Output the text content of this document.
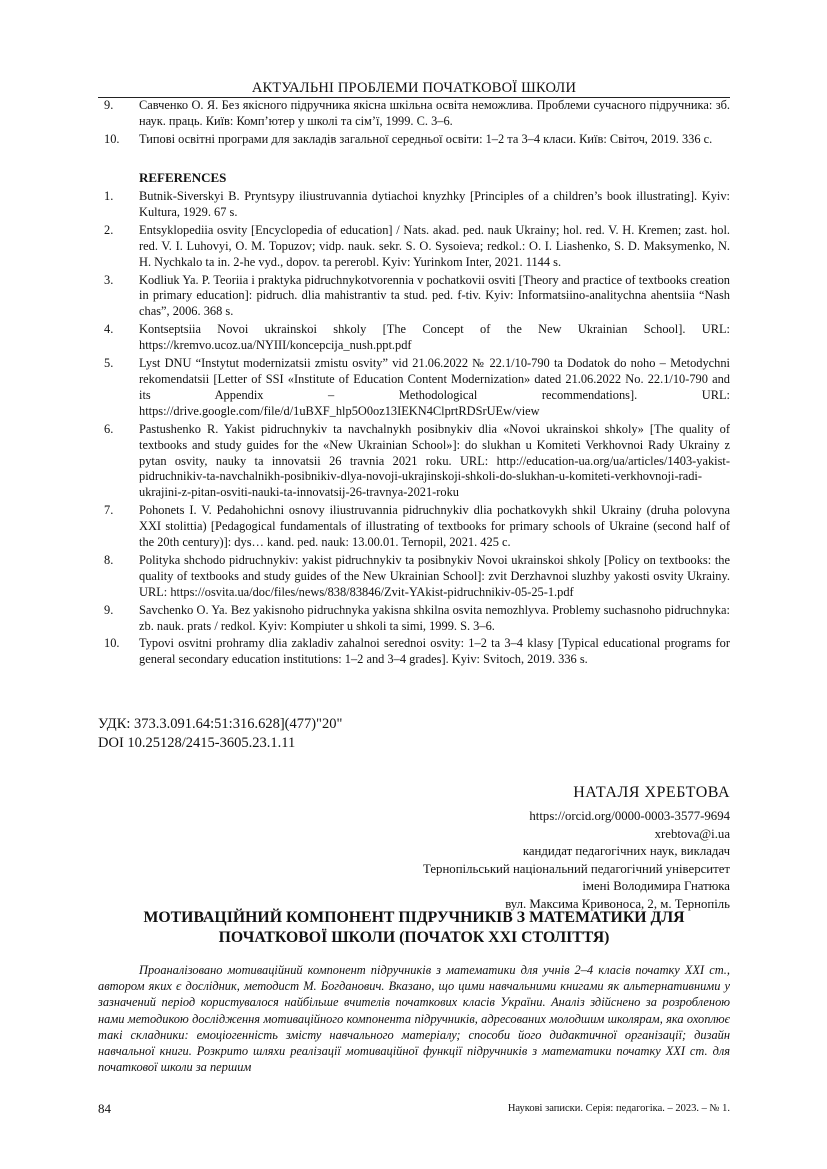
АКТУАЛЬНІ ПРОБЛЕМИ ПОЧАТКОВОЇ ШКОЛИ
9.	Савченко О. Я. Без якісного підручника якісна шкільна освіта неможлива. Проблеми сучасного підручника: зб. наук. праць. Київ: Комп’ютер у школі та сім’ї, 1999. С. 3–6.
10.	Типові освітні програми для закладів загальної середньої освіти: 1–2 та 3–4 класи. Київ: Світоч, 2019. 336 с.
REFERENCES
1.	Butnik-Siverskyi B. Pryntsypy iliustruvannia dytiachoi knyzhky [Principles of a children’s book illustrating]. Kyiv: Kultura, 1929. 67 s.
2.	Entsyklopediia osvity [Encyclopedia of education] / Nats. akad. ped. nauk Ukrainy; hol. red. V. H. Kremen; zast. hol. red. V. I. Luhovyi, O. M. Topuzov; vidp. nauk. sekr. S. O. Sysoieva; redkol.: O. I. Liashenko, S. D. Maksymenko, N. H. Nychkalo ta in. 2-he vyd., dopov. ta pererobl. Kyiv: Yurinkom Inter, 2021. 1144 s.
3.	Kodliuk Ya. P. Teoriia i praktyka pidruchnykotvorennia v pochatkovii osviti [Theory and practice of textbooks creation in primary education]: pidruch. dlia mahistrantiv ta stud. ped. f-tiv. Kyiv: Informatsiino-analitychna ahentsiia “Nash chas”, 2006. 368 s.
4.	Kontseptsiia Novoi ukrainskoi shkoly [The Concept of the New Ukrainian School]. URL: https://kremvo.ucoz.ua/NYIII/koncepcija_nush.ppt.pdf
5.	Lyst DNU “Instytut modernizatsii zmistu osvity” vid 21.06.2022 № 22.1/10-790 ta Dodatok do noho – Metodychni rekomendatsii [Letter of SSI «Institute of Education Content Modernization» dated 21.06.2022 No. 22.1/10-790 and its Appendix – Methodological recommendations]. URL: https://drive.google.com/file/d/1uBXF_hlp5O0oz13IEKN4ClprtRDSrUEw/view
6.	Pastushenko R. Yakist pidruchnykiv ta navchalnykh posibnykiv dlia «Novoi ukrainskoi shkoly» [The quality of textbooks and study guides for the «New Ukrainian School»]: do slukhan u Komiteti Verkhovnoi Rady Ukrainy z pytan osvity, nauky ta innovatsii 26 travnia 2021 roku. URL: http://education-ua.org/ua/articles/1403-yakist-pidruchnikiv-ta-navchalnikh-posibnikiv-dlya-novoji-ukrajinskoji-shkoli-do-slukhan-u-komiteti-verkhovnoji-radi-ukrajini-z-pitan-osviti-nauki-ta-innovatsij-26-travnya-2021-roku
7.	Pohonets I. V. Pedahohichni osnovy iliustruvannia pidruchnykiv dlia pochatkovykh shkil Ukrainy (druha polovyna XXI stolittia) [Pedagogical fundamentals of illustrating of textbooks for primary schools of Ukraine (second half of the 20th century)]: dys… kand. ped. nauk: 13.00.01. Ternopil, 2021. 425 c.
8.	Polityka shchodo pidruchnykiv: yakist pidruchnykiv ta posibnykiv Novoi ukrainskoi shkoly [Policy on textbooks: the quality of textbooks and study guides of the New Ukrainian School]: zvit Derzhavnoi sluzhby yakosti osvity Ukrainy. URL: https://osvita.ua/doc/files/news/838/83846/Zvit-YAkist-pidruchnikiv-05-25-1.pdf
9.	Savchenko O. Ya. Bez yakisnoho pidruchnyka yakisna shkilna osvita nemozhlyva. Problemy suchasnoho pidruchnyka: zb. nauk. prats / redkol. Kyiv: Kompiuter u shkoli ta simi, 1999. S. 3–6.
10.	Typovi osvitni prohramy dlia zakladiv zahalnoi serednoi osvity: 1–2 ta 3–4 klasy [Typical educational programs for general secondary education institutions: 1–2 and 3–4 grades]. Kyiv: Svitoch, 2019. 336 s.
УДК: 373.3.091.64:51:316.628](477)"20"
DOI 10.25128/2415-3605.23.1.11
НАТАЛЯ ХРЕБТОВА
https://orcid.org/0000-0003-3577-9694
xrebtova@i.ua
кандидат педагогічних наук, викладач
Тернопільський національний педагогічний університет
імені Володимира Гнатюка
вул. Максима Кривоноса, 2, м. Тернопіль
МОТИВАЦІЙНИЙ КОМПОНЕНТ ПІДРУЧНИКІВ З МАТЕМАТИКИ ДЛЯ
ПОЧАТКОВОЇ ШКОЛИ (ПОЧАТОК XXI СТОЛІТТЯ)
Проаналізовано мотиваційний компонент підручників з математики для учнів 2–4 класів початку XXI ст., автором яких є дослідник, методист М. Богданович. Вказано, що цими навчальними книгами як альтернативними у зазначений період користувалося найбільше вчителів початкових класів України. Аналіз здійснено за розробленою нами методикою дослідження мотиваційного компонента підручників, адресованих молодшим школярам, яка охоплює такі складники: емоціогенність змісту навчального матеріалу; способи його дидактичної організації; дизайн навчальної книги. Розкрито шляхи реалізації мотиваційної функції підручників з математики початку XXI ст. для початкової школи за першим
84	Наукові записки. Серія: педагогіка. – 2023. – № 1.
